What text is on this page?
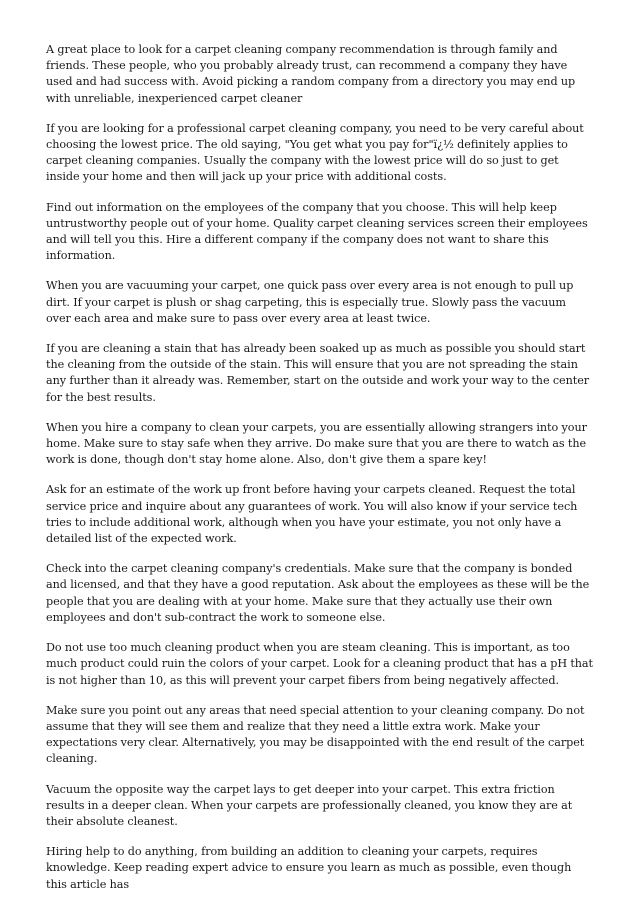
A great place to look for a carpet cleaning company recommendation is through family and friends. These people, who you probably already trust, can recommend a company they have used and had success with. Avoid picking a random company from a directory you may end up with unreliable, inexperienced carpet cleaner

If you are looking for a professional carpet cleaning company, you need to be very careful about choosing the lowest price. The old saying, "You get what you pay for"ï¿½ definitely applies to carpet cleaning companies. Usually the company with the lowest price will do so just to get inside your home and then will jack up your price with additional costs.

Find out information on the employees of the company that you choose. This will help keep untrustworthy people out of your home. Quality carpet cleaning services screen their employees and will tell you this. Hire a different company if the company does not want to share this information.

When you are vacuuming your carpet, one quick pass over every area is not enough to pull up dirt. If your carpet is plush or shag carpeting, this is especially true. Slowly pass the vacuum over each area and make sure to pass over every area at least twice.

If you are cleaning a stain that has already been soaked up as much as possible you should start the cleaning from the outside of the stain. This will ensure that you are not spreading the stain any further than it already was. Remember, start on the outside and work your way to the center for the best results.

When you hire a company to clean your carpets, you are essentially allowing strangers into your home. Make sure to stay safe when they arrive. Do make sure that you are there to watch as the work is done, though don't stay home alone. Also, don't give them a spare key!

Ask for an estimate of the work up front before having your carpets cleaned. Request the total service price and inquire about any guarantees of work. You will also know if your service tech tries to include additional work, although when you have your estimate, you not only have a detailed list of the expected work.

Check into the carpet cleaning company's credentials. Make sure that the company is bonded and licensed, and that they have a good reputation. Ask about the employees as these will be the people that you are dealing with at your home. Make sure that they actually use their own employees and don't sub-contract the work to someone else.

Do not use too much cleaning product when you are steam cleaning. This is important, as too much product could ruin the colors of your carpet. Look for a cleaning product that has a pH that is not higher than 10, as this will prevent your carpet fibers from being negatively affected.

Make sure you point out any areas that need special attention to your cleaning company. Do not assume that they will see them and realize that they need a little extra work. Make your expectations very clear. Alternatively, you may be disappointed with the end result of the carpet cleaning.

Vacuum the opposite way the carpet lays to get deeper into your carpet. This extra friction results in a deeper clean. When your carpets are professionally cleaned, you know they are at their absolute cleanest.

Hiring help to do anything, from building an addition to cleaning your carpets, requires knowledge. Keep reading expert advice to ensure you learn as much as possible, even though this article has
